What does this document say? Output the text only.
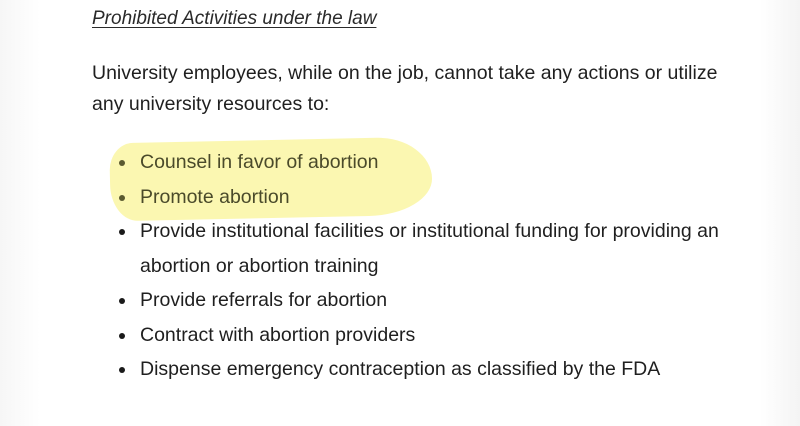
Prohibited Activities under the law
University employees, while on the job, cannot take any actions or utilize any university resources to:
Counsel in favor of abortion
Promote abortion
Provide institutional facilities or institutional funding for providing an abortion or abortion training
Provide referrals for abortion
Contract with abortion providers
Dispense emergency contraception as classified by the FDA
